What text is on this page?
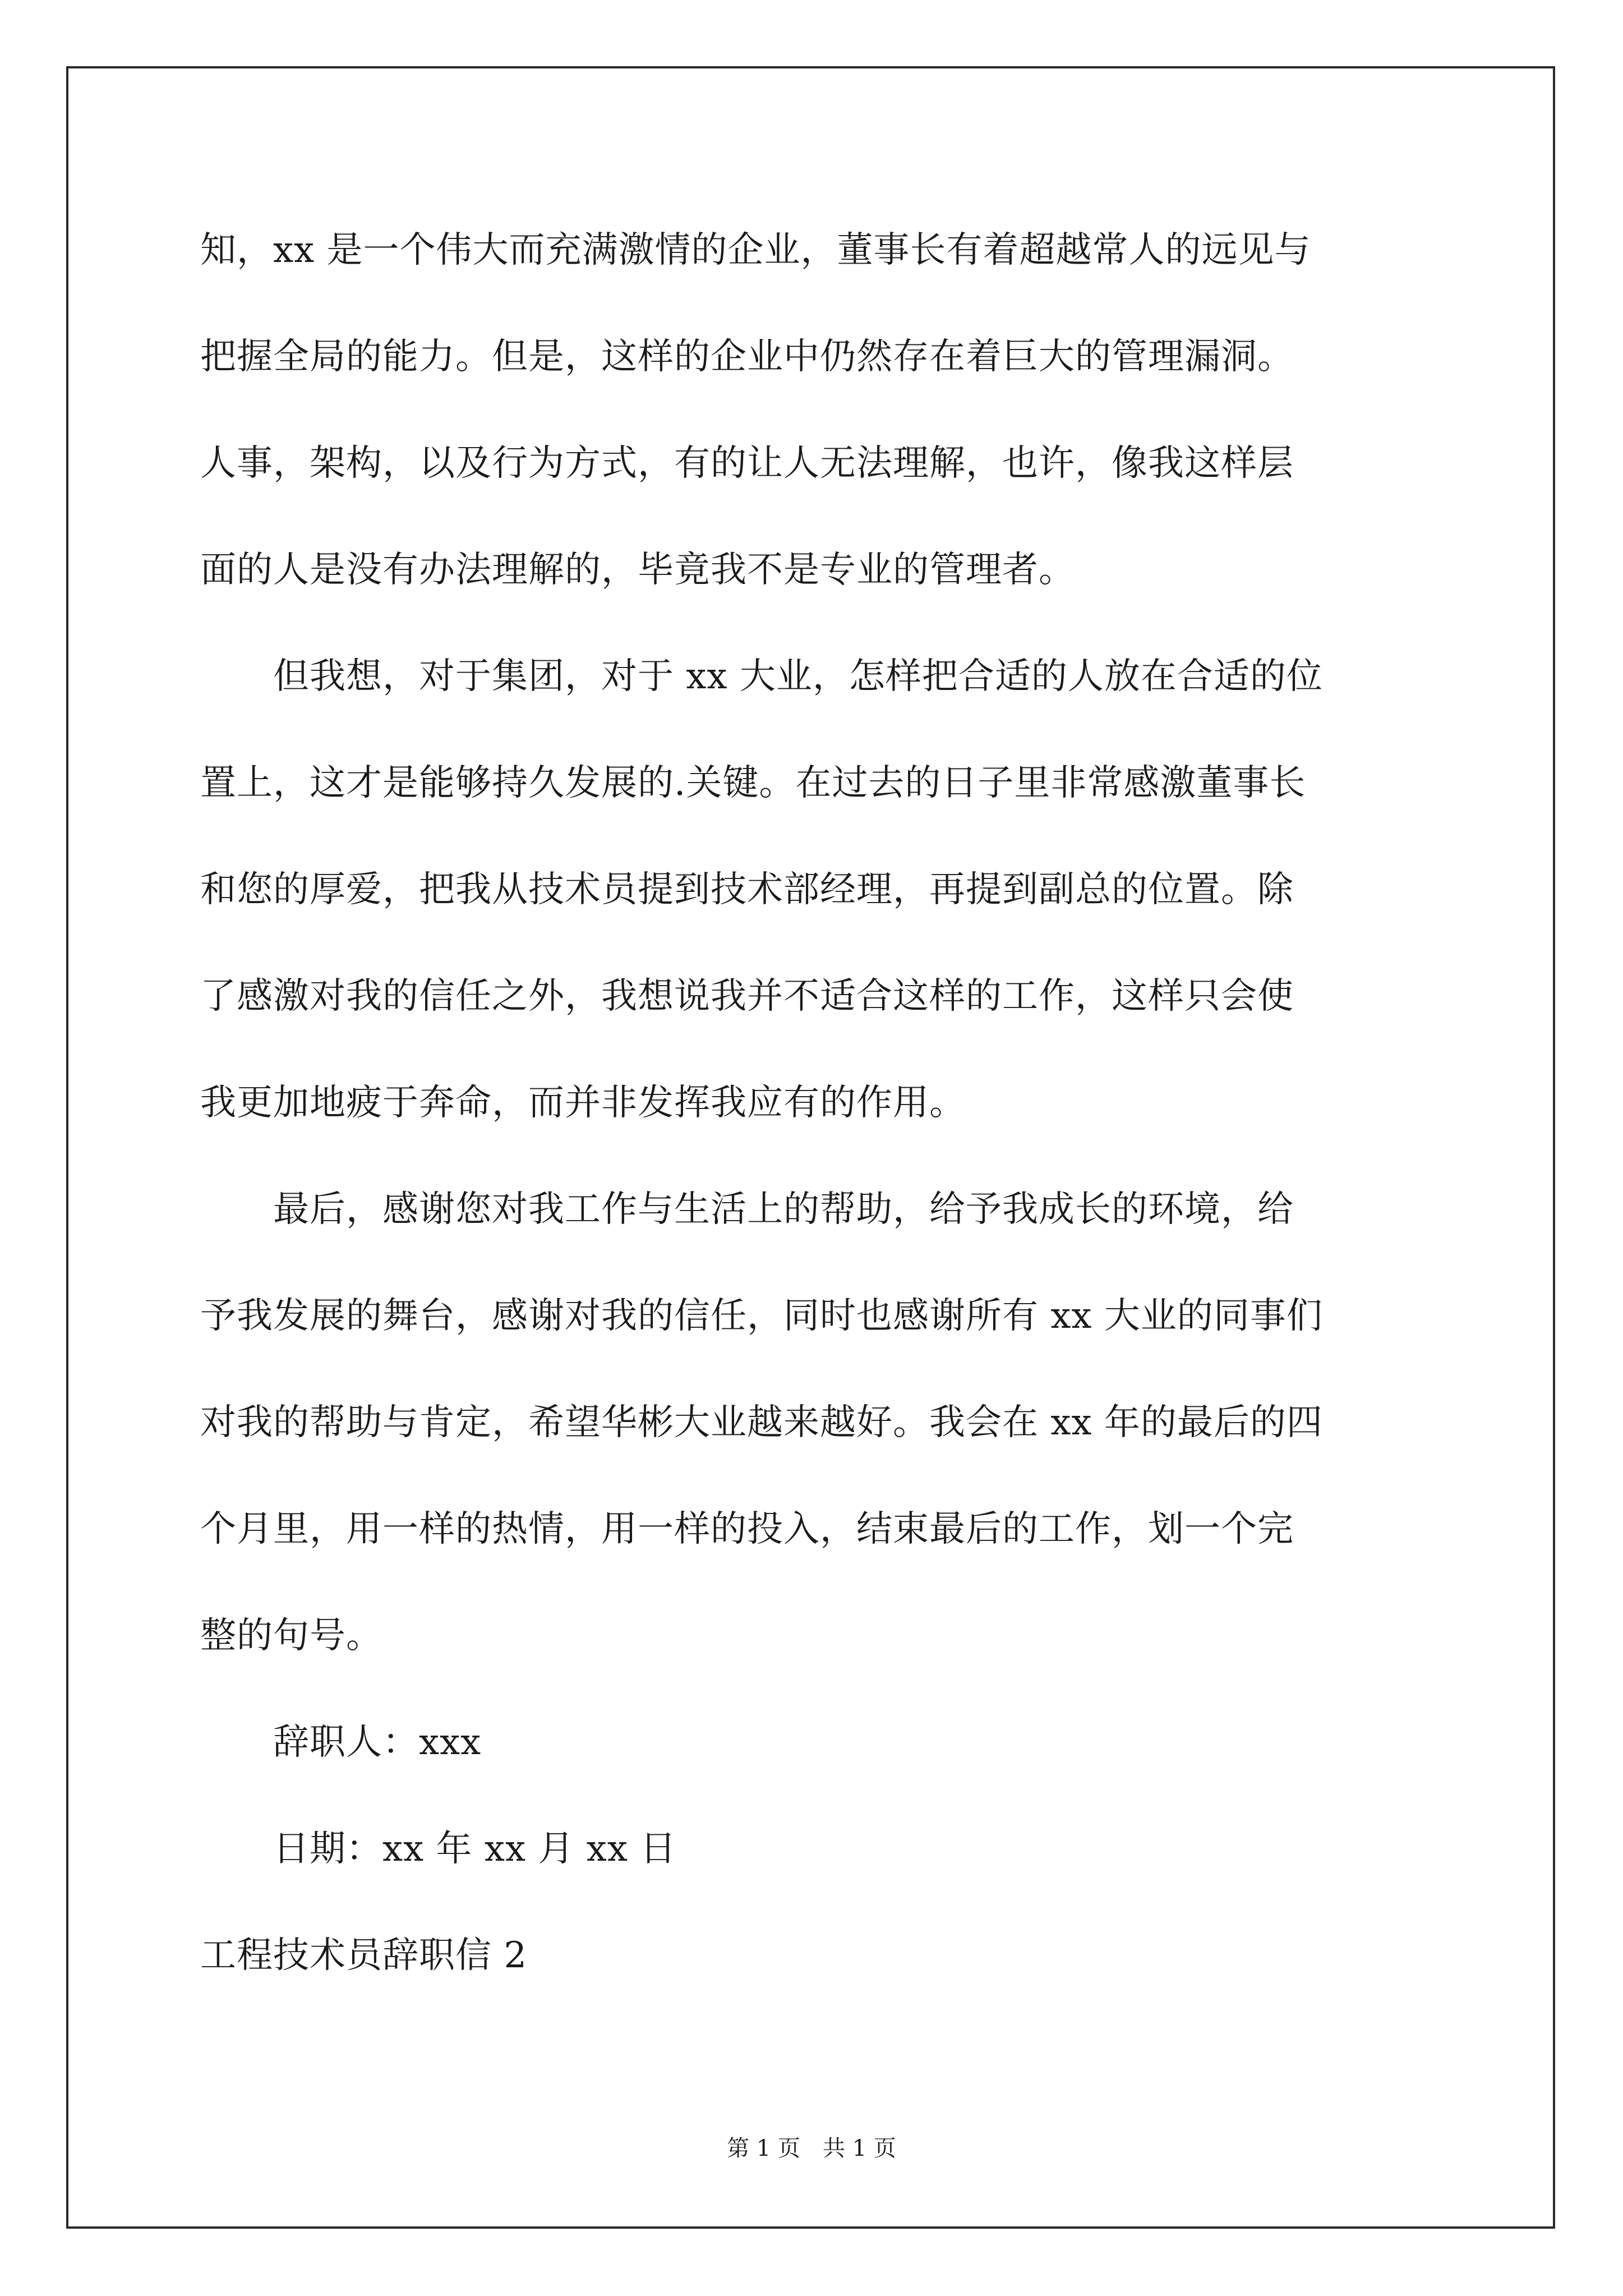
知，xx 是一个伟大而充满激情的企业，董事长有着超越常人的远见与

把握全局的能力。但是，这样的企业中仍然存在着巨大的管理漏洞。

人事，架构，以及行为方式，有的让人无法理解，也许，像我这样层

面的人是没有办法理解的，毕竟我不是专业的管理者。

　　但我想，对于集团，对于 xx 大业，怎样把合适的人放在合适的位

置上，这才是能够持久发展的.关键。在过去的日子里非常感激董事长

和您的厚爱，把我从技术员提到技术部经理，再提到副总的位置。除

了感激对我的信任之外，我想说我并不适合这样的工作，这样只会使

我更加地疲于奔命，而并非发挥我应有的作用。

　　最后，感谢您对我工作与生活上的帮助，给予我成长的环境，给

予我发展的舞台，感谢对我的信任，同时也感谢所有 xx 大业的同事们

对我的帮助与肯定，希望华彬大业越来越好。我会在 xx 年的最后的四

个月里，用一样的热情，用一样的投入，结束最后的工作，划一个完

整的句号。

　　辞职人：xxx

　　日期：xx 年 xx 月 xx 日

工程技术员辞职信 2

第 1 页　共 1 页
